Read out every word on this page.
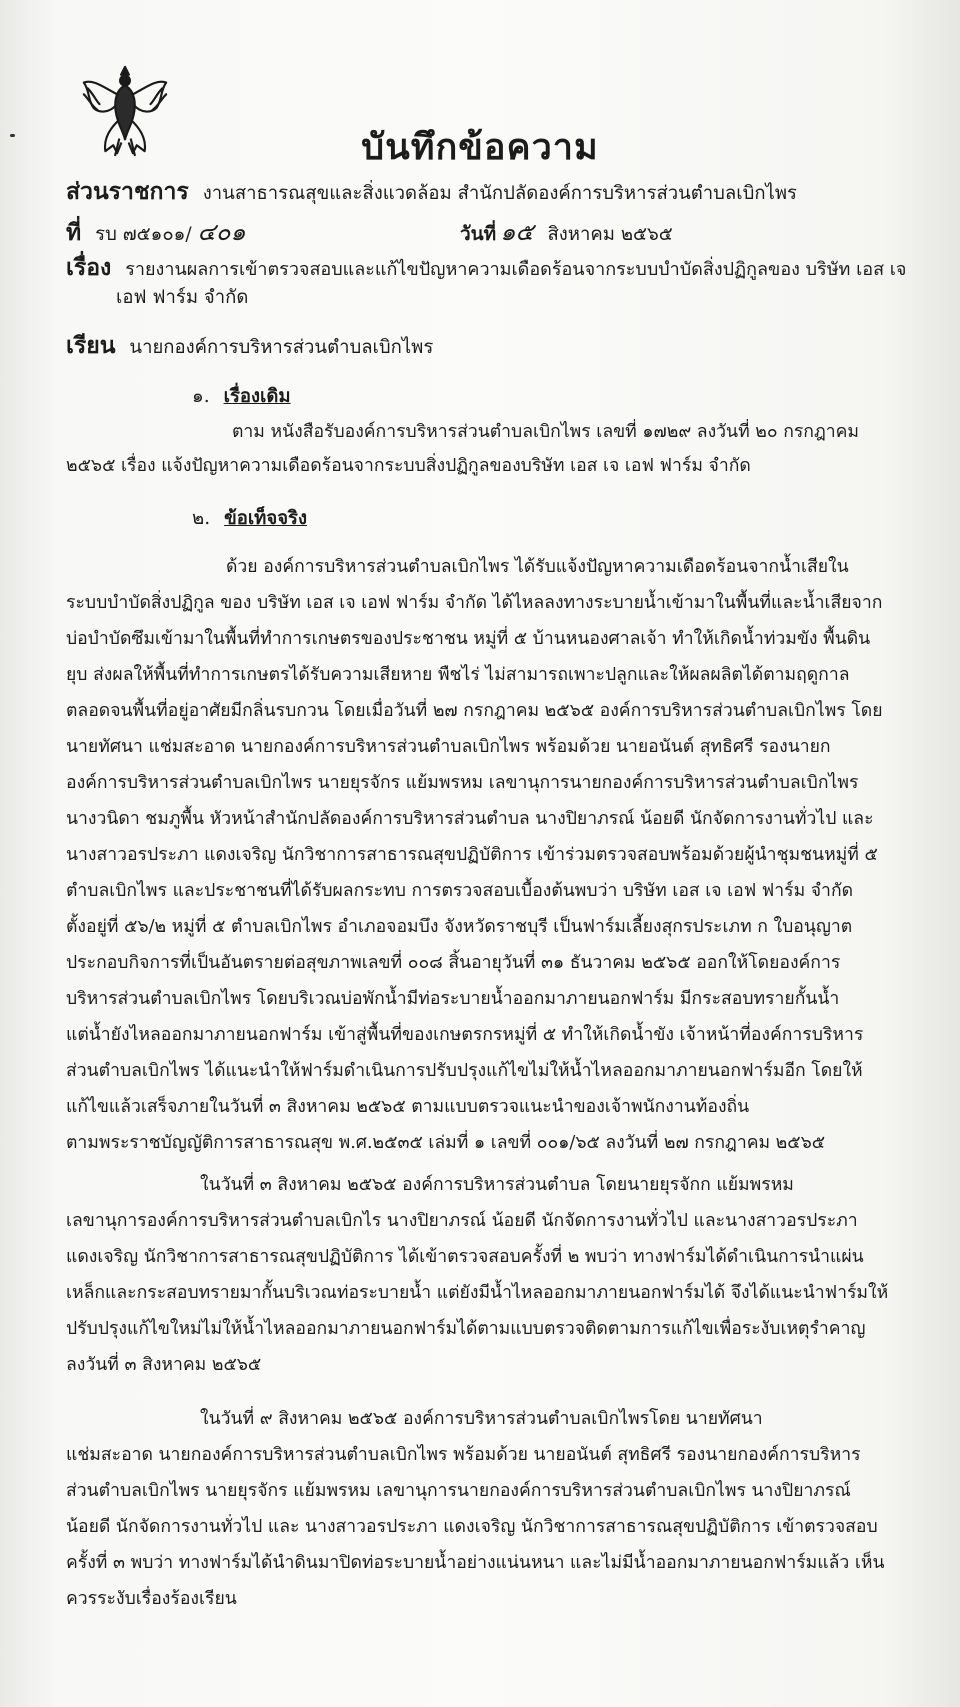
บันทึกข้อความ
ส่วนราชการ งานสาธารณสุขและสิ่งแวดล้อม สำนักปลัดองค์การบริหารส่วนตำบลเบิกไพร
ที่ รบ ๗๕๑๐๑/ ๔๐๑	วันที่ ๑๕ สิงหาคม ๒๕๖๕
เรื่อง รายงานผลการเข้าตรวจสอบและแก้ไขปัญหาความเดือดร้อนจากระบบบำบัดสิ่งปฏิกูลของ บริษัท เอส เจ
เอฟ ฟาร์ม จำกัด
เรียน นายกองค์การบริหารส่วนตำบลเบิกไพร
๑. เรื่องเดิม
ตาม หนังสือรับองค์การบริหารส่วนตำบลเบิกไพร เลขที่ ๑๗๒๙ ลงวันที่ ๒๐ กรกฎาคม
๒๕๖๕ เรื่อง แจ้งปัญหาความเดือดร้อนจากระบบสิ่งปฏิกูลของบริษัท เอส เจ เอฟ ฟาร์ม จำกัด
๒. ข้อเท็จจริง
ด้วย องค์การบริหารส่วนตำบลเบิกไพร ได้รับแจ้งปัญหาความเดือดร้อนจากน้ำเสียใน
ระบบบำบัดสิ่งปฏิกูล ของ บริษัท เอส เจ เอฟ ฟาร์ม จำกัด ได้ไหลลงทางระบายน้ำเข้ามาในพื้นที่และน้ำเสียจาก
บ่อบำบัดซึมเข้ามาในพื้นที่ทำการเกษตรของประชาชน หมู่ที่ ๕ บ้านหนองศาลเจ้า ทำให้เกิดน้ำท่วมขัง พื้นดิน
ยุบ ส่งผลให้พื้นที่ทำการเกษตรได้รับความเสียหาย พืชไร่ ไม่สามารถเพาะปลูกและให้ผลผลิตได้ตามฤดูกาล
ตลอดจนพื้นที่อยู่อาศัยมีกลิ่นรบกวน โดยเมื่อวันที่ ๒๗ กรกฎาคม ๒๕๖๕ องค์การบริหารส่วนตำบลเบิกไพร โดย
นายทัศนา แช่มสะอาด นายกองค์การบริหารส่วนตำบลเบิกไพร พร้อมด้วย นายอนันต์ สุทธิศรี รองนายก
องค์การบริหารส่วนตำบลเบิกไพร นายยุรจักร แย้มพรหม เลขานุการนายกองค์การบริหารส่วนตำบลเบิกไพร
นางวนิดา ชมภูพื้น หัวหน้าสำนักปลัดองค์การบริหารส่วนตำบล นางปิยาภรณ์ น้อยดี นักจัดการงานทั่วไป และ
นางสาวอรประภา แดงเจริญ นักวิชาการสาธารณสุขปฏิบัติการ เข้าร่วมตรวจสอบพร้อมด้วยผู้นำชุมชนหมู่ที่ ๕
ตำบลเบิกไพร และประชาชนที่ได้รับผลกระทบ การตรวจสอบเบื้องต้นพบว่า บริษัท เอส เจ เอฟ ฟาร์ม จำกัด
ตั้งอยู่ที่ ๕๖/๒ หมู่ที่ ๕ ตำบลเบิกไพร อำเภอจอมบึง จังหวัดราชบุรี เป็นฟาร์มเลี้ยงสุกรประเภท ก ใบอนุญาต
ประกอบกิจการที่เป็นอันตรายต่อสุขภาพเลขที่ ๐๐๘ สิ้นอายุวันที่ ๓๑ ธันวาคม ๒๕๖๕ ออกให้โดยองค์การ
บริหารส่วนตำบลเบิกไพร โดยบริเวณบ่อพักน้ำมีท่อระบายน้ำออกมาภายนอกฟาร์ม มีกระสอบทรายกั้นน้ำ
แต่น้ำยังไหลออกมาภายนอกฟาร์ม เข้าสู่พื้นที่ของเกษตรกรหมู่ที่ ๕ ทำให้เกิดน้ำขัง เจ้าหน้าที่องค์การบริหาร
ส่วนตำบลเบิกไพร ได้แนะนำให้ฟาร์มดำเนินการปรับปรุงแก้ไขไม่ให้น้ำไหลออกมาภายนอกฟาร์มอีก โดยให้
แก้ไขแล้วเสร็จภายในวันที่ ๓ สิงหาคม ๒๕๖๕ ตามแบบตรวจแนะนำของเจ้าพนักงานท้องถิ่น
ตามพระราชบัญญัติการสาธารณสุข พ.ศ.๒๕๓๕ เล่มที่ ๑ เลขที่ ๐๐๑/๖๕ ลงวันที่ ๒๗ กรกฎาคม ๒๕๖๕
ในวันที่ ๓ สิงหาคม ๒๕๖๕ องค์การบริหารส่วนตำบล โดยนายยุรจักก แย้มพรหม
เลขานุการองค์การบริหารส่วนตำบลเบิกไร นางปิยาภรณ์ น้อยดี นักจัดการงานทั่วไป และนางสาวอรประภา
แดงเจริญ นักวิชาการสาธารณสุขปฏิบัติการ ได้เข้าตรวจสอบครั้งที่ ๒ พบว่า ทางฟาร์มได้ดำเนินการนำแผ่น
เหล็กและกระสอบทรายมากั้นบริเวณท่อระบายน้ำ แต่ยังมีน้ำไหลออกมาภายนอกฟาร์มได้ จึงได้แนะนำฟาร์มให้
ปรับปรุงแก้ไขใหม่ไม่ให้น้ำไหลออกมาภายนอกฟาร์มได้ตามแบบตรวจติดตามการแก้ไขเพื่อระงับเหตุรำคาญ
ลงวันที่ ๓ สิงหาคม ๒๕๖๕
ในวันที่ ๙ สิงหาคม ๒๕๖๕ องค์การบริหารส่วนตำบลเบิกไพรโดย นายทัศนา
แช่มสะอาด นายกองค์การบริหารส่วนตำบลเบิกไพร พร้อมด้วย นายอนันต์ สุทธิศรี รองนายกองค์การบริหาร
ส่วนตำบลเบิกไพร นายยุรจักร แย้มพรหม เลขานุการนายกองค์การบริหารส่วนตำบลเบิกไพร นางปิยาภรณ์
น้อยดี นักจัดการงานทั่วไป และ นางสาวอรประภา แดงเจริญ นักวิชาการสาธารณสุขปฏิบัติการ เข้าตรวจสอบ
ครั้งที่ ๓ พบว่า ทางฟาร์มได้นำดินมาปิดท่อระบายน้ำอย่างแน่นหนา และไม่มีน้ำออกมาภายนอกฟาร์มแล้ว เห็น
ควรระงับเรื่องร้องเรียน
